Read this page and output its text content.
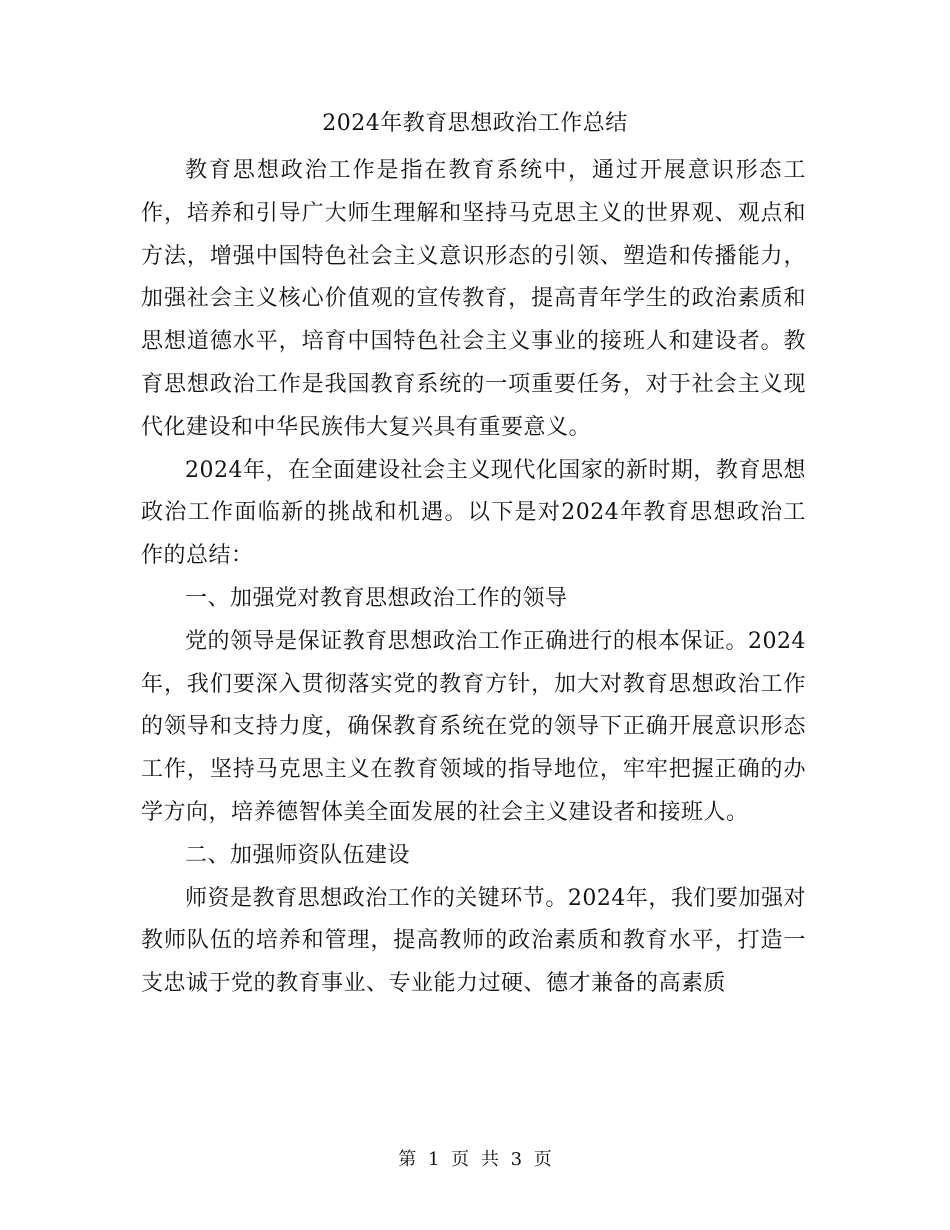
2024年教育思想政治工作总结

教育思想政治工作是指在教育系统中，通过开展意识形态工作，培养和引导广大师生理解和坚持马克思主义的世界观、观点和方法，增强中国特色社会主义意识形态的引领、塑造和传播能力，加强社会主义核心价值观的宣传教育，提高青年学生的政治素质和思想道德水平，培育中国特色社会主义事业的接班人和建设者。教育思想政治工作是我国教育系统的一项重要任务，对于社会主义现代化建设和中华民族伟大复兴具有重要意义。

2024年，在全面建设社会主义现代化国家的新时期，教育思想政治工作面临新的挑战和机遇。以下是对2024年教育思想政治工作的总结：

一、加强党对教育思想政治工作的领导

党的领导是保证教育思想政治工作正确进行的根本保证。2024年，我们要深入贯彻落实党的教育方针，加大对教育思想政治工作的领导和支持力度，确保教育系统在党的领导下正确开展意识形态工作，坚持马克思主义在教育领域的指导地位，牢牢把握正确的办学方向，培养德智体美全面发展的社会主义建设者和接班人。

二、加强师资队伍建设

师资是教育思想政治工作的关键环节。2024年，我们要加强对教师队伍的培养和管理，提高教师的政治素质和教育水平，打造一支忠诚于党的教育事业、专业能力过硬、德才兼备的高素质

第 1 页 共 3 页
